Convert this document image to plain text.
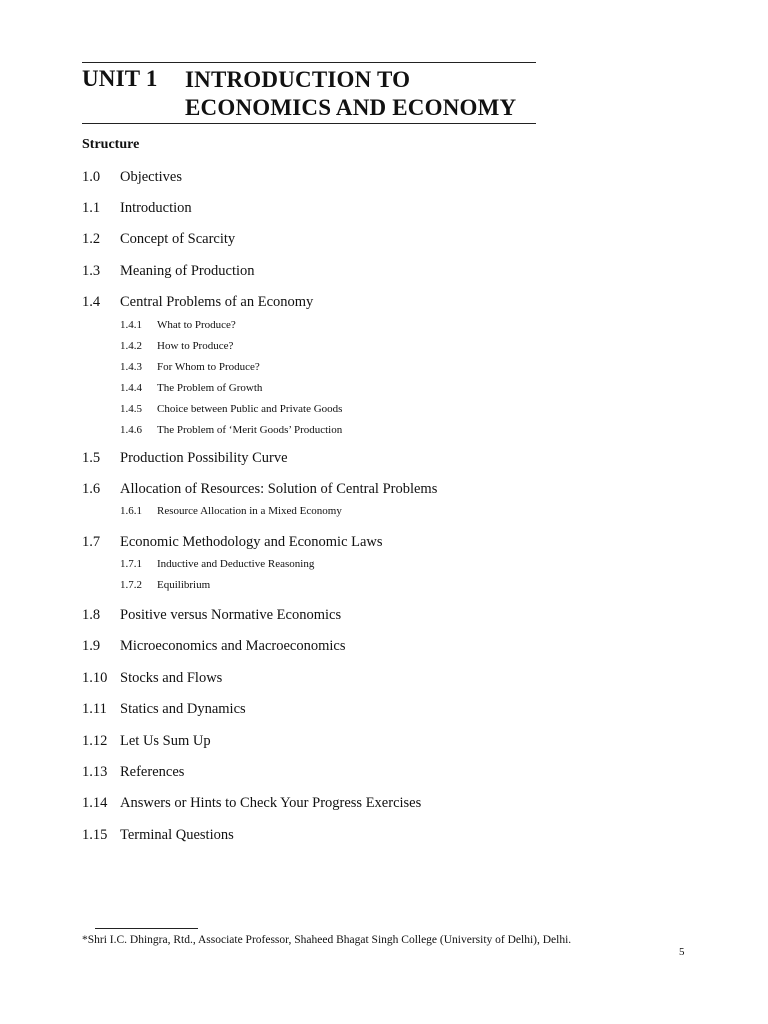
UNIT 1 INTRODUCTION TO
ECONOMICS AND ECONOMY
Structure
1.0 Objectives
1.1 Introduction
1.2 Concept of Scarcity
1.3 Meaning of Production
1.4 Central Problems of an Economy
1.4.1 What to Produce?
1.4.2 How to Produce?
1.4.3 For Whom to Produce?
1.4.4 The Problem of Growth
1.4.5 Choice between Public and Private Goods
1.4.6 The Problem of ‘Merit Goods’ Production
1.5 Production Possibility Curve
1.6 Allocation of Resources: Solution of Central Problems
1.6.1 Resource Allocation in a Mixed Economy
1.7 Economic Methodology and Economic Laws
1.7.1 Inductive and Deductive Reasoning
1.7.2 Equilibrium
1.8 Positive versus Normative Economics
1.9 Microeconomics and Macroeconomics
1.10 Stocks and Flows
1.11 Statics and Dynamics
1.12 Let Us Sum Up
1.13 References
1.14 Answers or Hints to Check Your Progress Exercises
1.15 Terminal Questions
*Shri I.C. Dhingra, Rtd., Associate Professor, Shaheed Bhagat Singh College (University of Delhi), Delhi.
5
